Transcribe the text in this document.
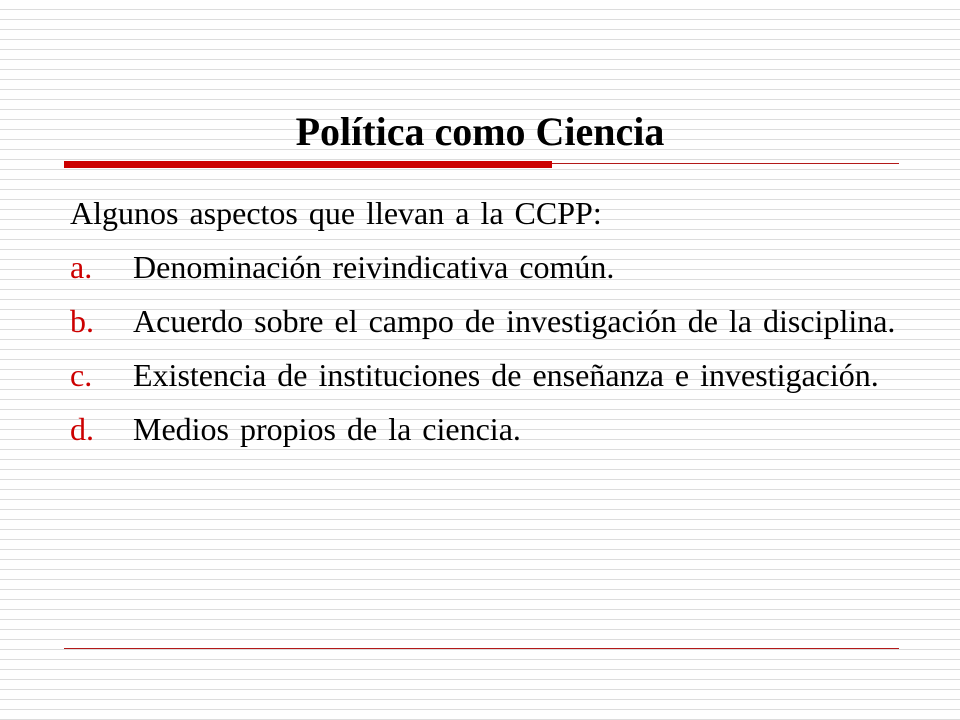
Política como Ciencia

Algunos aspectos que llevan a la CCPP:

a. Denominación reivindicativa común.
b. Acuerdo sobre el campo de investigación de la disciplina.
c. Existencia de instituciones de enseñanza e investigación.
d. Medios propios de la ciencia.
